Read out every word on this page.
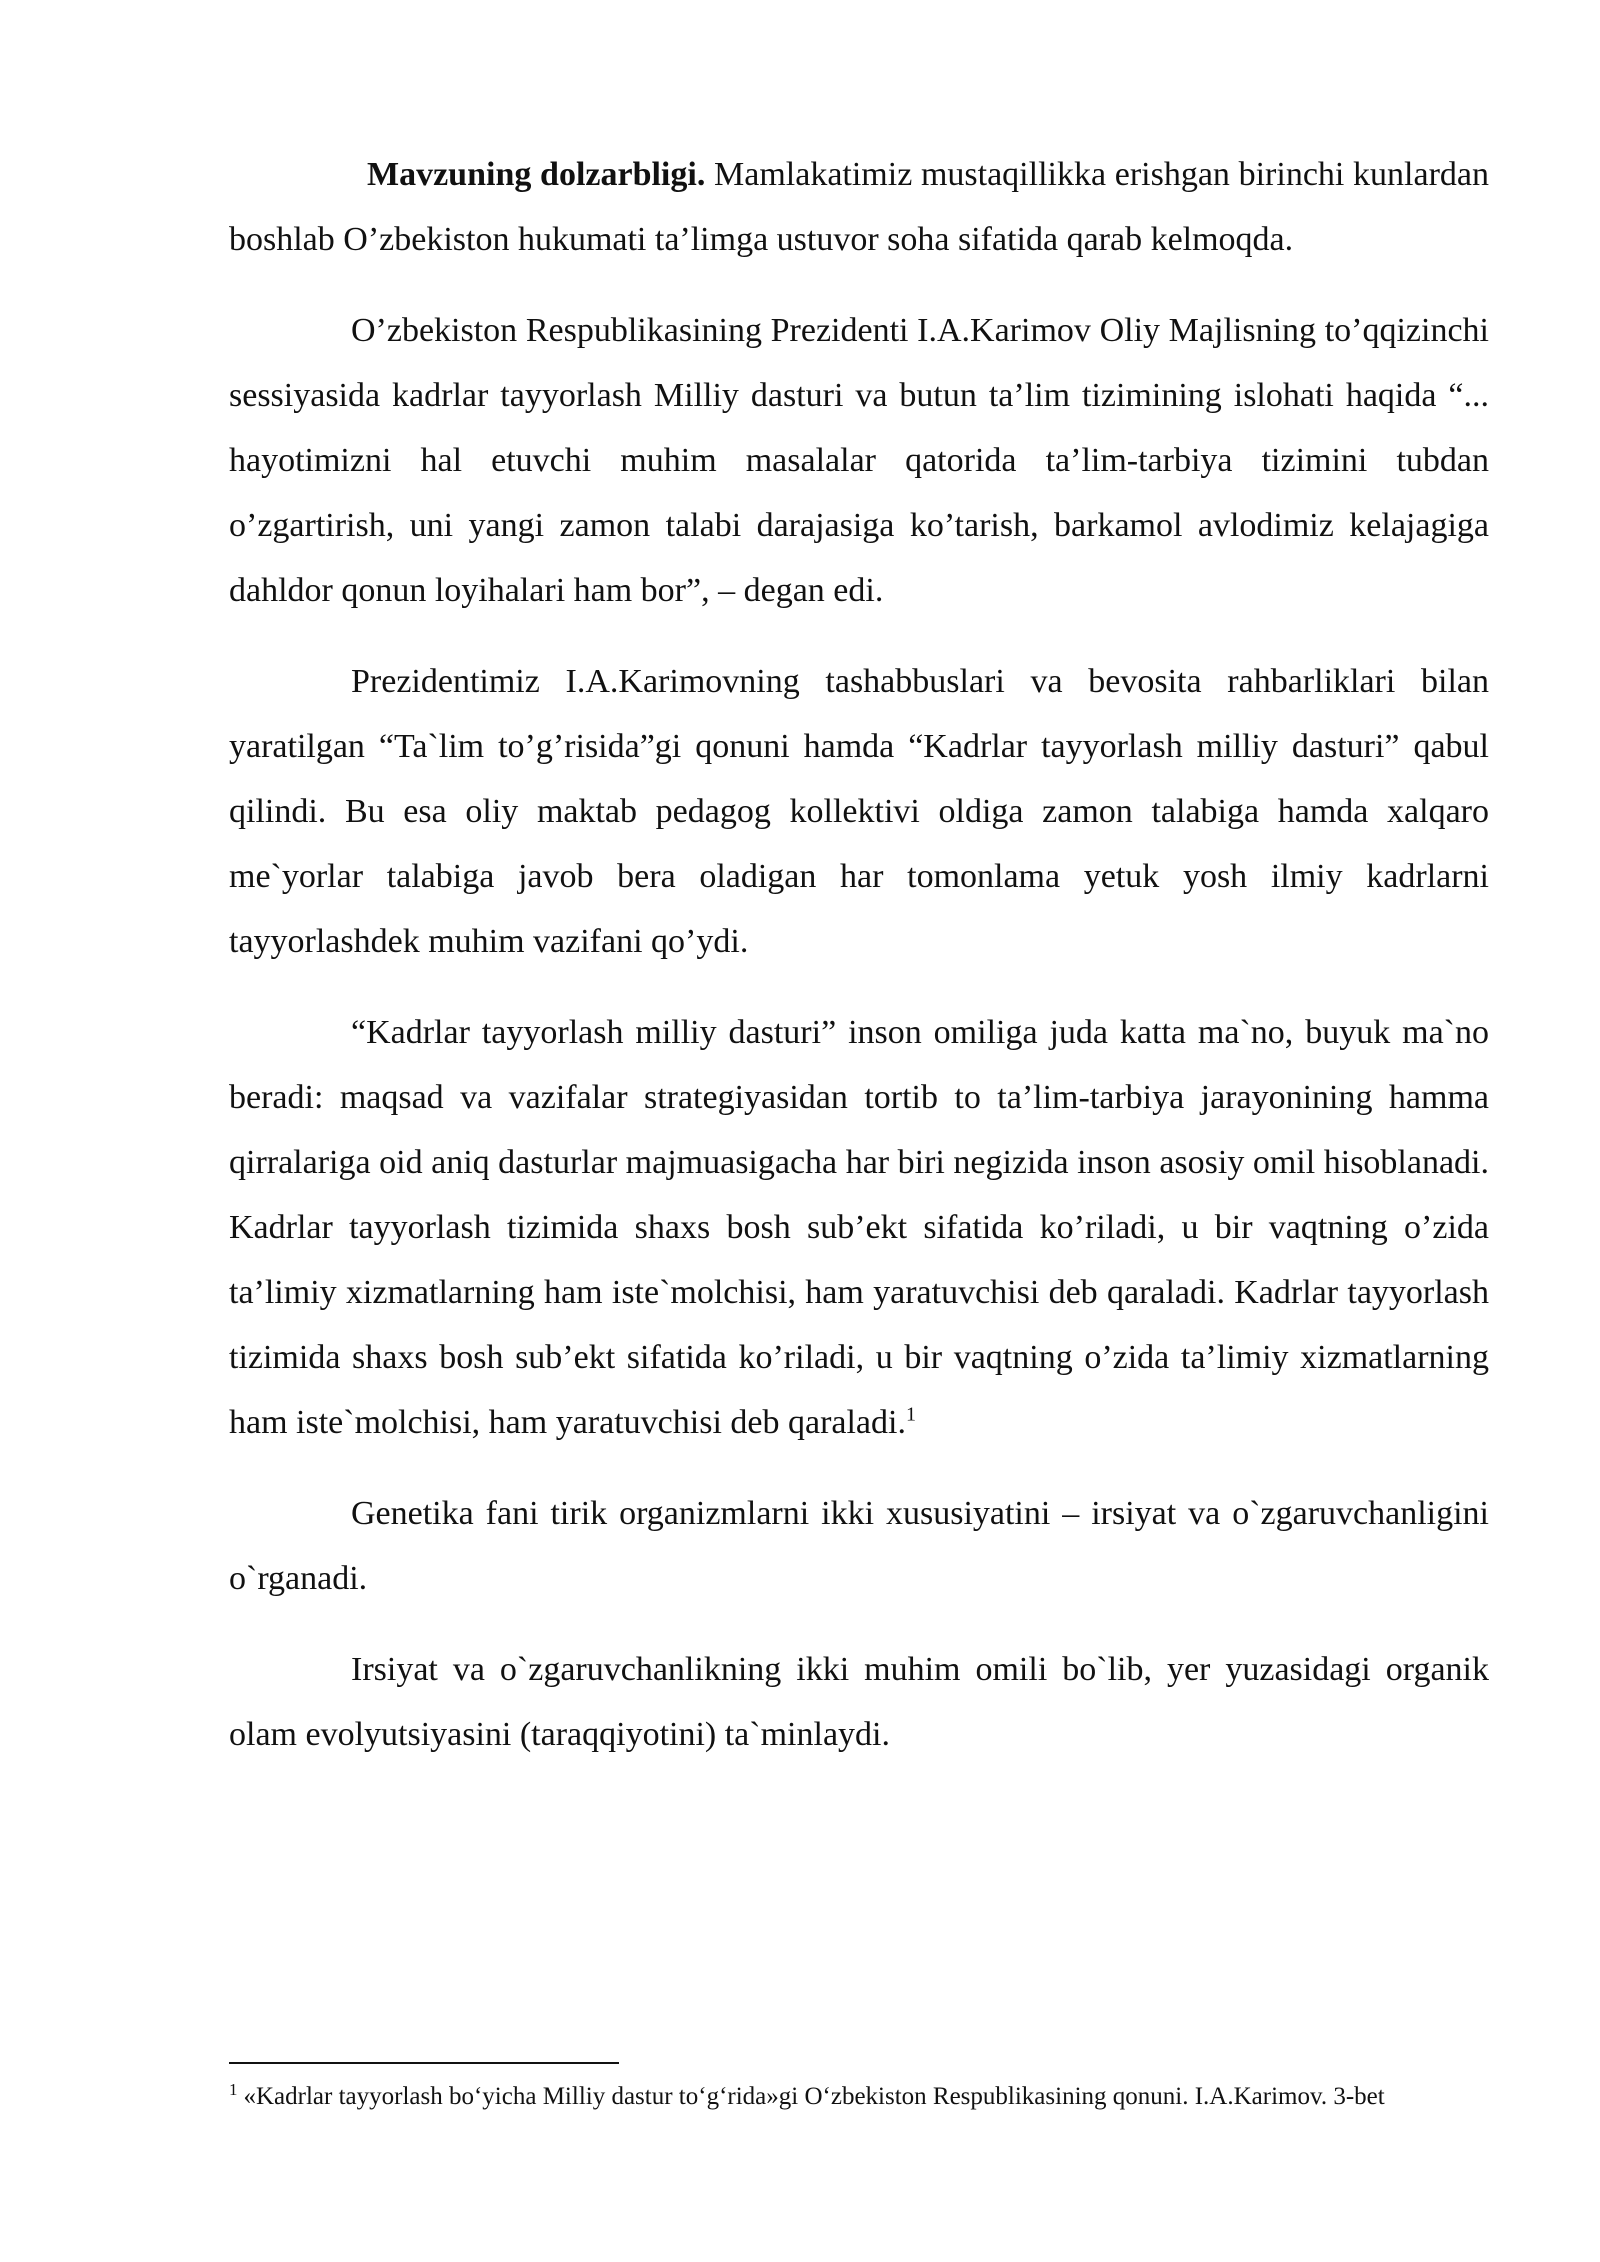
Mavzuning dolzarbligi. Mamlakatimiz mustaqillikka erishgan birinchi kunlardan boshlab O’zbekiston hukumati ta’limga ustuvor soha sifatida qarab kelmoqda.

O’zbekiston Respublikasining Prezidenti I.A.Karimov Oliy Majlisning to’qqizinchi sessiyasida kadrlar tayyorlash Milliy dasturi va butun ta’lim tizimining islohati haqida “... hayotimizni hal etuvchi muhim masalalar qatorida ta’lim-tarbiya tizimini tubdan o’zgartirish, uni yangi zamon talabi darajasiga ko’tarish, barkamol avlodimiz kelajagiga dahldor qonun loyihalari ham bor”, – degan edi.

Prezidentimiz I.A.Karimovning tashabbuslari va bevosita rahbarliklari bilan yaratilgan “Ta`lim to’g’risida”gi qonuni hamda “Kadrlar tayyorlash milliy dasturi” qabul qilindi. Bu esa oliy maktab pedagog kollektivi oldiga zamon talabiga hamda xalqaro me`yorlar talabiga javob bera oladigan har tomonlama yetuk yosh ilmiy kadrlarni tayyorlashdek muhim vazifani qo’ydi.

“Kadrlar tayyorlash milliy dasturi” inson omiliga juda katta ma`no, buyuk ma`no beradi: maqsad va vazifalar strategiyasidan tortib to ta’lim-tarbiya jarayonining hamma qirralariga oid aniq dasturlar majmuasigacha har biri negizida inson asosiy omil hisoblanadi. Kadrlar tayyorlash tizimida shaxs bosh sub’ekt sifatida ko’riladi, u bir vaqtning o’zida ta’limiy xizmatlarning ham iste`molchisi, ham yaratuvchisi deb qaraladi. Kadrlar tayyorlash tizimida shaxs bosh sub’ekt sifatida ko’riladi, u bir vaqtning o’zida ta’limiy xizmatlarning ham iste`molchisi, ham yaratuvchisi deb qaraladi.$^1$

Genetika fani tirik organizmlarni ikki xususiyatini – irsiyat va o`zgaruvchanligini o`rganadi.

Irsiyat va o`zgaruvchanlikning ikki muhim omili bo`lib, yer yuzasidagi organik olam evolyutsiyasini (taraqqiyotini) ta`minlaydi.

$^1$ «Kadrlar tayyorlash bo‘yicha Milliy dastur to‘g‘rida»gi O‘zbekiston Respublikasining qonuni. I.A.Karimov. 3-bet
